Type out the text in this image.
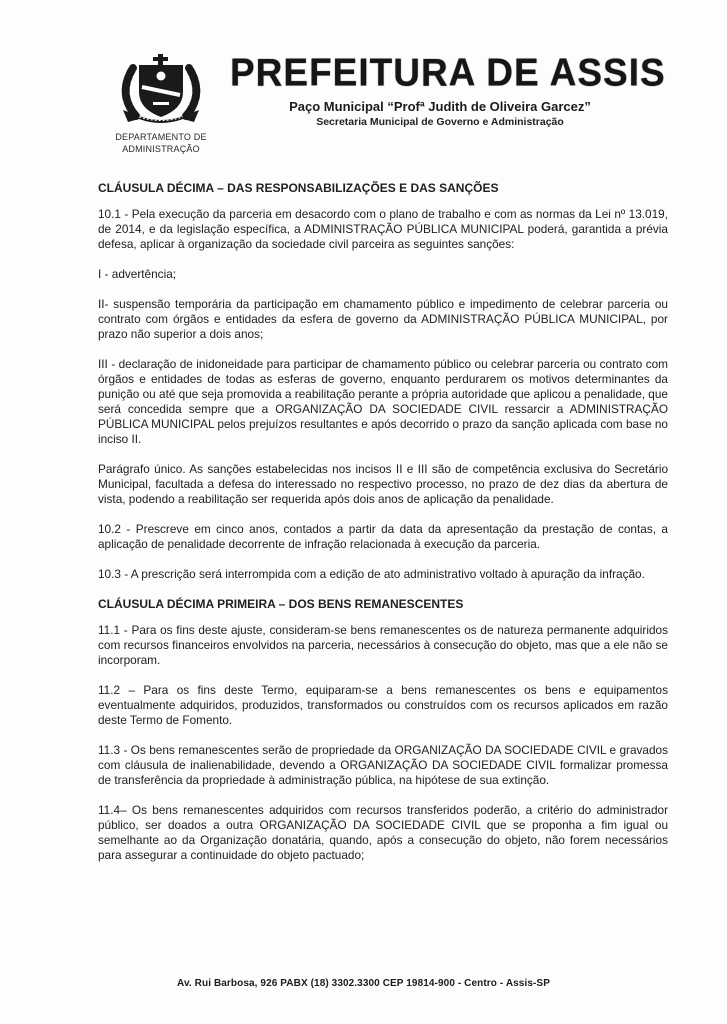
DEPARTAMENTO DE
ADMINISTRAÇÃO
PREFEITURA DE ASSIS
Paço Municipal “Profª Judith de Oliveira Garcez”
Secretaria Municipal de Governo e Administração
CLÁUSULA DÉCIMA – DAS RESPONSABILIZAÇÕES E DAS SANÇÕES

10.1 - Pela execução da parceria em desacordo com o plano de trabalho e com as normas da Lei nº 13.019, de 2014, e da legislação específica, a ADMINISTRAÇÃO PÚBLICA MUNICIPAL poderá, garantida a prévia defesa, aplicar à organização da sociedade civil parceira as seguintes sanções:

I - advertência;

II- suspensão temporária da participação em chamamento público e impedimento de celebrar parceria ou contrato com órgãos e entidades da esfera de governo da ADMINISTRAÇÃO PÚBLICA MUNICIPAL, por prazo não superior a dois anos;

III - declaração de inidoneidade para participar de chamamento público ou celebrar parceria ou contrato com órgãos e entidades de todas as esferas de governo, enquanto perdurarem os motivos determinantes da punição ou até que seja promovida a reabilitação perante a própria autoridade que aplicou a penalidade, que será concedida sempre que a ORGANIZAÇÃO DA SOCIEDADE CIVIL ressarcir a ADMINISTRAÇÃO PÚBLICA MUNICIPAL pelos prejuízos resultantes e após decorrido o prazo da sanção aplicada com base no inciso II.

Parágrafo único. As sanções estabelecidas nos incisos II e III são de competência exclusiva do Secretário Municipal, facultada a defesa do interessado no respectivo processo, no prazo de dez dias da abertura de vista, podendo a reabilitação ser requerida após dois anos de aplicação da penalidade.

10.2 - Prescreve em cinco anos, contados a partir da data da apresentação da prestação de contas, a aplicação de penalidade decorrente de infração relacionada à execução da parceria.

10.3 - A prescrição será interrompida com a edição de ato administrativo voltado à apuração da infração.

CLÁUSULA DÉCIMA PRIMEIRA – DOS BENS REMANESCENTES

11.1 - Para os fins deste ajuste, consideram-se bens remanescentes os de natureza permanente adquiridos com recursos financeiros envolvidos na parceria, necessários à consecução do objeto, mas que a ele não se incorporam.

11.2 – Para os fins deste Termo, equiparam-se a bens remanescentes os bens e equipamentos eventualmente adquiridos, produzidos, transformados ou construídos com os recursos aplicados em razão deste Termo de Fomento.

11.3 - Os bens remanescentes serão de propriedade da ORGANIZAÇÃO DA SOCIEDADE CIVIL e gravados com cláusula de inalienabilidade, devendo a ORGANIZAÇÃO DA SOCIEDADE CIVIL formalizar promessa de transferência da propriedade à administração pública, na hipótese de sua extinção.

11.4– Os bens remanescentes adquiridos com recursos transferidos poderão, a critério do administrador público, ser doados a outra ORGANIZAÇÃO DA SOCIEDADE CIVIL que se proponha a fim igual ou semelhante ao da Organização donatária, quando, após a consecução do objeto, não forem necessários para assegurar a continuidade do objeto pactuado;

Av. Rui Barbosa, 926 PABX (18) 3302.3300 CEP 19814-900 - Centro - Assis-SP
